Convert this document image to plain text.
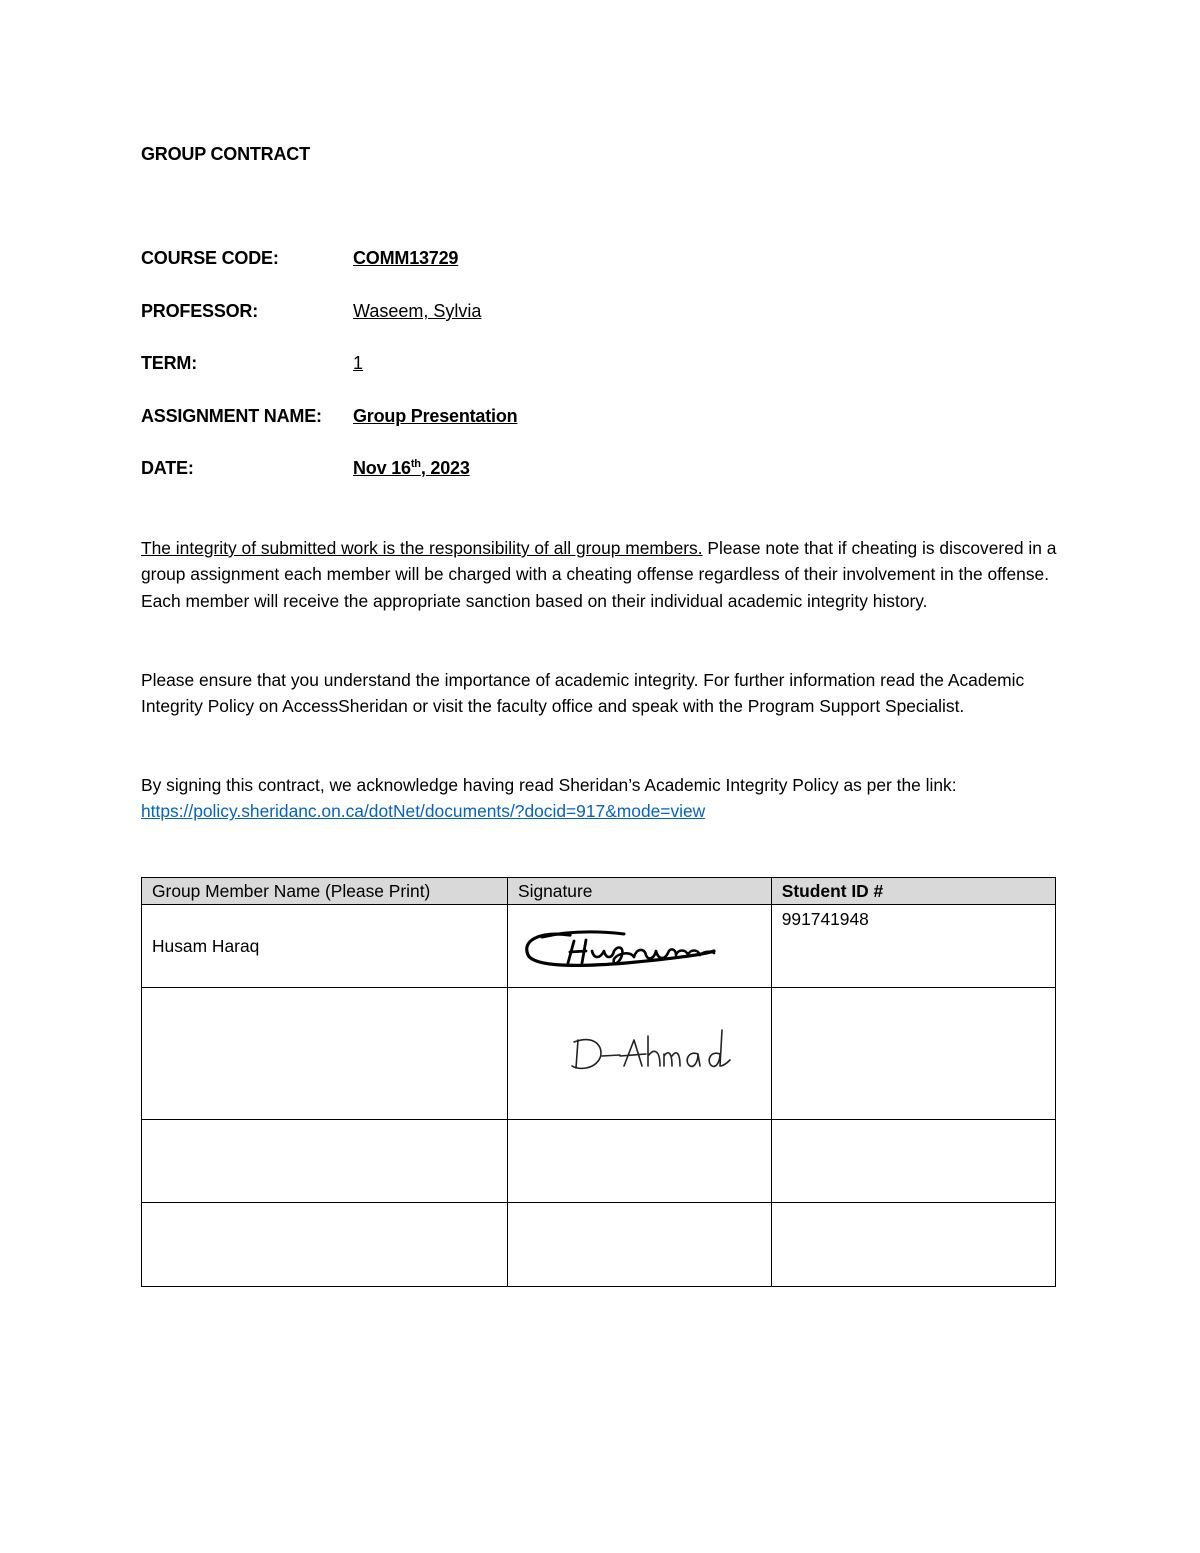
GROUP CONTRACT
COURSE CODE:	COMM13729
PROFESSOR:	Waseem, Sylvia
TERM:	1
ASSIGNMENT NAME: Group Presentation
DATE:	Nov 16th, 2023
The integrity of submitted work is the responsibility of all group members. Please note that if cheating is discovered in a group assignment each member will be charged with a cheating offense regardless of their involvement in the offense. Each member will receive the appropriate sanction based on their individual academic integrity history.
Please ensure that you understand the importance of academic integrity. For further information read the Academic Integrity Policy on AccessSheridan or visit the faculty office and speak with the Program Support Specialist.
By signing this contract, we acknowledge having read Sheridan’s Academic Integrity Policy as per the link: https://policy.sheridanc.on.ca/dotNet/documents/?docid=917&mode=view
Group Member Name (Please Print)	Signature	Student ID #
Husam Haraq		991741948
